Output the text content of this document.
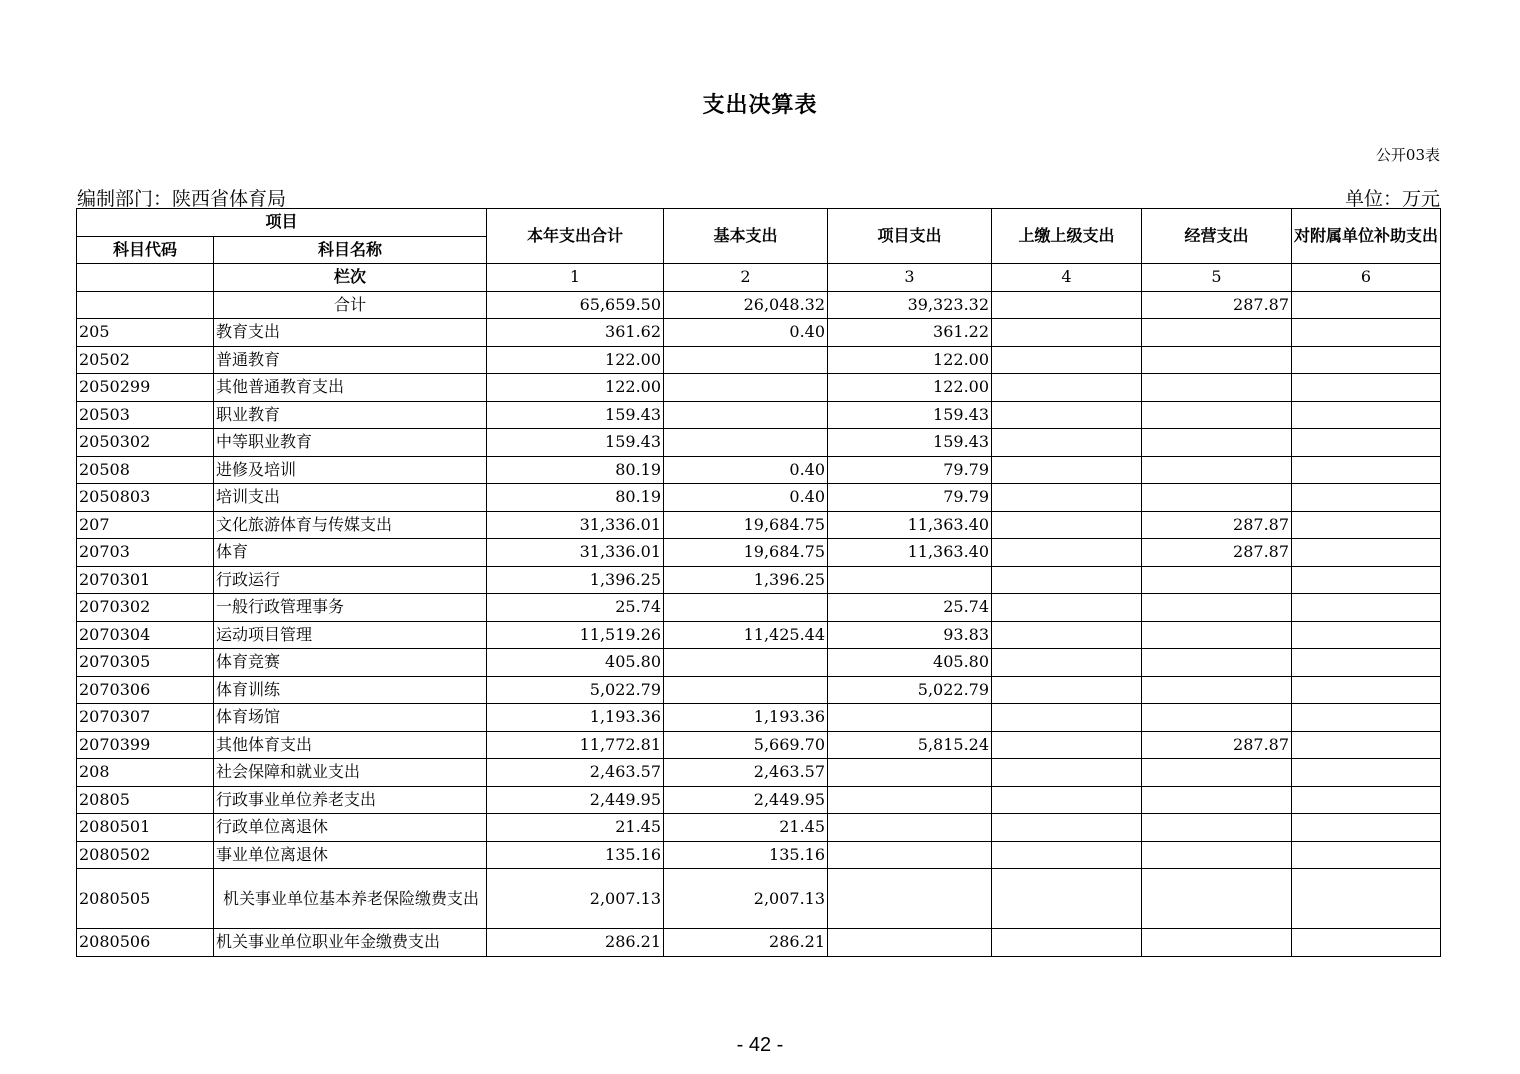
支出决算表
公开03表
编制部门：陕西省体育局	单位：万元
项目		本年支出合计	基本支出	项目支出	上缴上级支出	经营支出	对附属单位补助支出
科目代码	科目名称						
	栏次	1	2	3	4	5	6
	合计	65,659.50	26,048.32	39,323.32		287.87	
205	教育支出	361.62	0.40	361.22			
20502	普通教育	122.00		122.00			
2050299	其他普通教育支出	122.00		122.00			
20503	职业教育	159.43		159.43			
2050302	中等职业教育	159.43		159.43			
20508	进修及培训	80.19	0.40	79.79			
2050803	培训支出	80.19	0.40	79.79			
207	文化旅游体育与传媒支出	31,336.01	19,684.75	11,363.40		287.87	
20703	体育	31,336.01	19,684.75	11,363.40		287.87	
2070301	行政运行	1,396.25	1,396.25				
2070302	一般行政管理事务	25.74		25.74			
2070304	运动项目管理	11,519.26	11,425.44	93.83			
2070305	体育竞赛	405.80		405.80			
2070306	体育训练	5,022.79		5,022.79			
2070307	体育场馆	1,193.36	1,193.36				
2070399	其他体育支出	11,772.81	5,669.70	5,815.24		287.87	
208	社会保障和就业支出	2,463.57	2,463.57				
20805	行政事业单位养老支出	2,449.95	2,449.95				
2080501	行政单位离退休	21.45	21.45				
2080502	事业单位离退休	135.16	135.16				
2080505	机关事业单位基本养老保险缴费支出	2,007.13	2,007.13				
2080506	机关事业单位职业年金缴费支出	286.21	286.21				
- 42 -
